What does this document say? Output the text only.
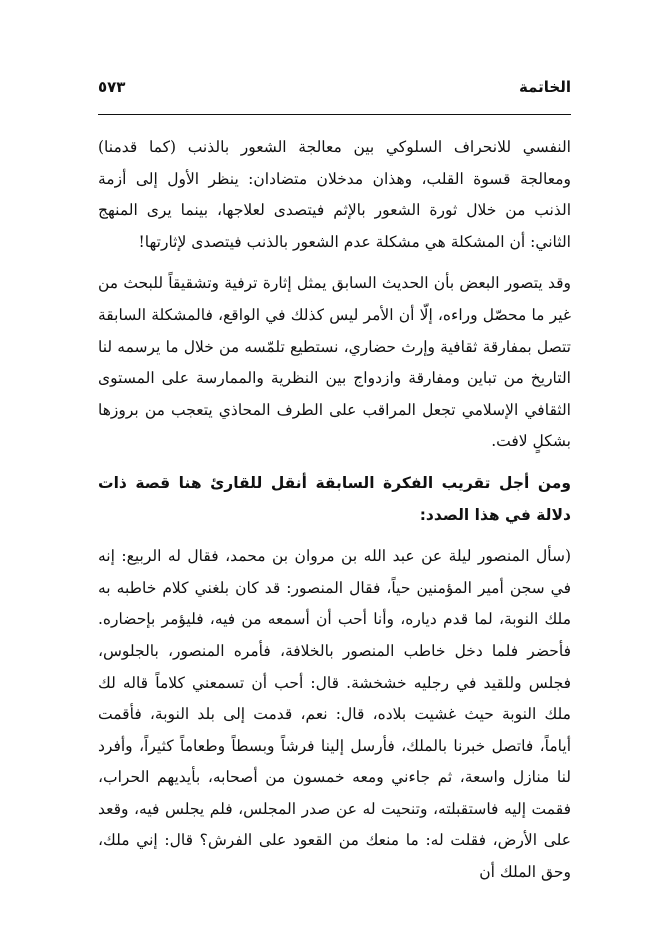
الخاتمة
٥٧٣

النفسي للانحراف السلوكي بين معالجة الشعور بالذنب (كما قدمنا) ومعالجة قسوة القلب، وهذان مدخلان متضادان: ينظر الأول إلى أزمة الذنب من خلال ثورة الشعور بالإثم فيتصدى لعلاجها، بينما يرى المنهج الثاني: أن المشكلة هي مشكلة عدم الشعور بالذنب فيتصدى لإثارتها!

وقد يتصور البعض بأن الحديث السابق يمثل إثارة ترفية وتشقيقاً للبحث من غير ما محصّل وراءه، إلّا أن الأمر ليس كذلك في الواقع، فالمشكلة السابقة تتصل بمفارقة ثقافية وإرث حضاري، نستطيع تلمّسه من خلال ما يرسمه لنا التاريخ من تباين ومفارقة وازدواج بين النظرية والممارسة على المستوى الثقافي الإسلامي تجعل المراقب على الطرف المحاذي يتعجب من بروزها بشكلٍ لافت.

ومن أجل تقريب الفكرة السابقة أنقل للقارئ هنا قصة ذات دلالة في هذا الصدد:

(سأل المنصور ليلة عن عبد الله بن مروان بن محمد، فقال له الربيع: إنه في سجن أمير المؤمنين حياً، فقال المنصور: قد كان بلغني كلام خاطبه به ملك النوبة، لما قدم دياره، وأنا أحب أن أسمعه من فيه، فليؤمر بإحضاره. فأحضر فلما دخل خاطب المنصور بالخلافة، فأمره المنصور، بالجلوس، فجلس وللقيد في رجليه خشخشة. قال: أحب أن تسمعني كلاماً قاله لك ملك النوبة حيث غشيت بلاده، قال: نعم، قدمت إلى بلد النوبة، فأقمت أياماً، فاتصل خبرنا بالملك، فأرسل إلينا فرشاً وبسطاً وطعاماً كثيراً، وأفرد لنا منازل واسعة، ثم جاءني ومعه خمسون من أصحابه، بأيديهم الحراب، فقمت إليه فاستقبلته، وتنحيت له عن صدر المجلس، فلم يجلس فيه، وقعد على الأرض، فقلت له: ما منعك من القعود على الفرش؟ قال: إني ملك، وحق الملك أن
